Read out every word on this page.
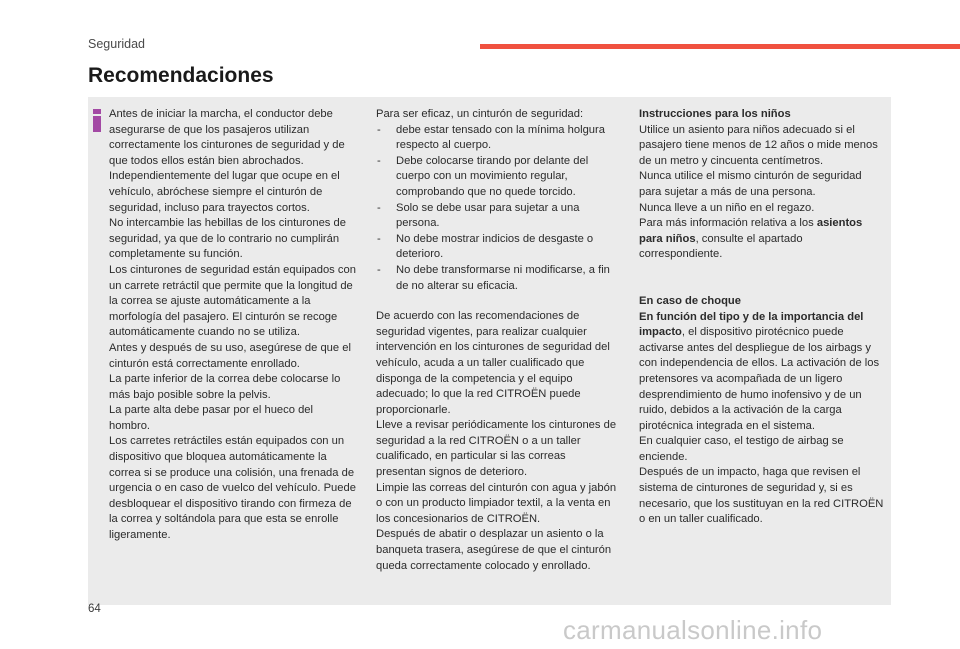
Seguridad
Recomendaciones

Antes de iniciar la marcha, el conductor debe asegurarse de que los pasajeros utilizan correctamente los cinturones de seguridad y de que todos ellos están bien abrochados.

Independientemente del lugar que ocupe en el vehículo, abróchese siempre el cinturón de seguridad, incluso para trayectos cortos.

No intercambie las hebillas de los cinturones de seguridad, ya que de lo contrario no cumplirán completamente su función.

Los cinturones de seguridad están equipados con un carrete retráctil que permite que la longitud de la correa se ajuste automáticamente a la morfología del pasajero. El cinturón se recoge automáticamente cuando no se utiliza.

Antes y después de su uso, asegúrese de que el cinturón está correctamente enrollado.

La parte inferior de la correa debe colocarse lo más bajo posible sobre la pelvis.

La parte alta debe pasar por el hueco del hombro.

Los carretes retráctiles están equipados con un dispositivo que bloquea automáticamente la correa si se produce una colisión, una frenada de urgencia o en caso de vuelco del vehículo. Puede desbloquear el dispositivo tirando con firmeza de la correa y soltándola para que esta se enrolle ligeramente.

Para ser eficaz, un cinturón de seguridad:

- debe estar tensado con la mínima holgura respecto al cuerpo.
- Debe colocarse tirando por delante del cuerpo con un movimiento regular, comprobando que no quede torcido.
- Solo se debe usar para sujetar a una persona.
- No debe mostrar indicios de desgaste o deterioro.
- No debe transformarse ni modificarse, a fin de no alterar su eficacia.

De acuerdo con las recomendaciones de seguridad vigentes, para realizar cualquier intervención en los cinturones de seguridad del vehículo, acuda a un taller cualificado que disponga de la competencia y el equipo adecuado; lo que la red CITROËN puede proporcionarle.

Lleve a revisar periódicamente los cinturones de seguridad a la red CITROËN o a un taller cualificado, en particular si las correas presentan signos de deterioro.

Limpie las correas del cinturón con agua y jabón o con un producto limpiador textil, a la venta en los concesionarios de CITROËN.

Después de abatir o desplazar un asiento o la banqueta trasera, asegúrese de que el cinturón queda correctamente colocado y enrollado.

Instrucciones para los niños

Utilice un asiento para niños adecuado si el pasajero tiene menos de 12 años o mide menos de un metro y cincuenta centímetros.

Nunca utilice el mismo cinturón de seguridad para sujetar a más de una persona.

Nunca lleve a un niño en el regazo.

Para más información relativa a los asientos para niños, consulte el apartado correspondiente.

En caso de choque

En función del tipo y de la importancia del impacto, el dispositivo pirotécnico puede activarse antes del despliegue de los airbags y con independencia de ellos. La activación de los pretensores va acompañada de un ligero desprendimiento de humo inofensivo y de un ruido, debidos a la activación de la carga pirotécnica integrada en el sistema.

En cualquier caso, el testigo de airbag se enciende.

Después de un impacto, haga que revisen el sistema de cinturones de seguridad y, si es necesario, que los sustituyan en la red CITROËN o en un taller cualificado.

64
carmanualsonline.info
